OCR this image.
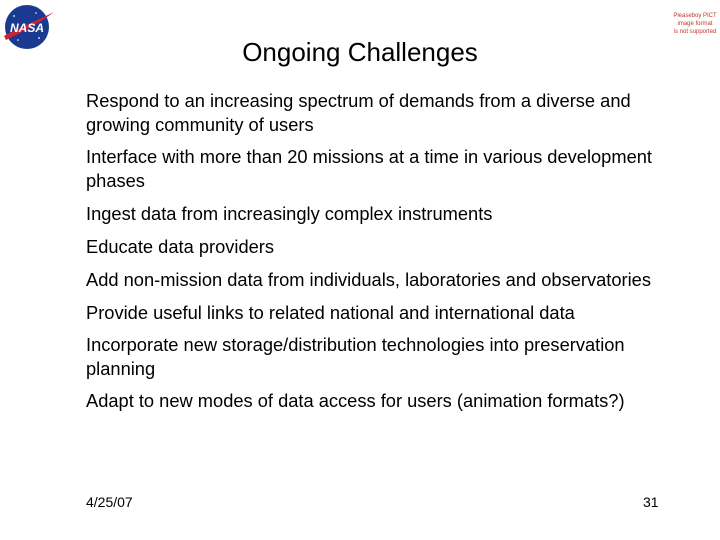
NASA
Pleaseboy PICT
image format
is not supported
Ongoing Challenges
Respond to an increasing spectrum of demands from a diverse and growing community of users
Interface with more than 20 missions at a time in various development phases
Ingest data from increasingly complex instruments
Educate data providers
Add non-mission data from individuals, laboratories and observatories
Provide useful links to related national and international data
Incorporate new storage/distribution technologies into preservation planning
Adapt to new modes of data access for users (animation formats?)
4/25/07	31
